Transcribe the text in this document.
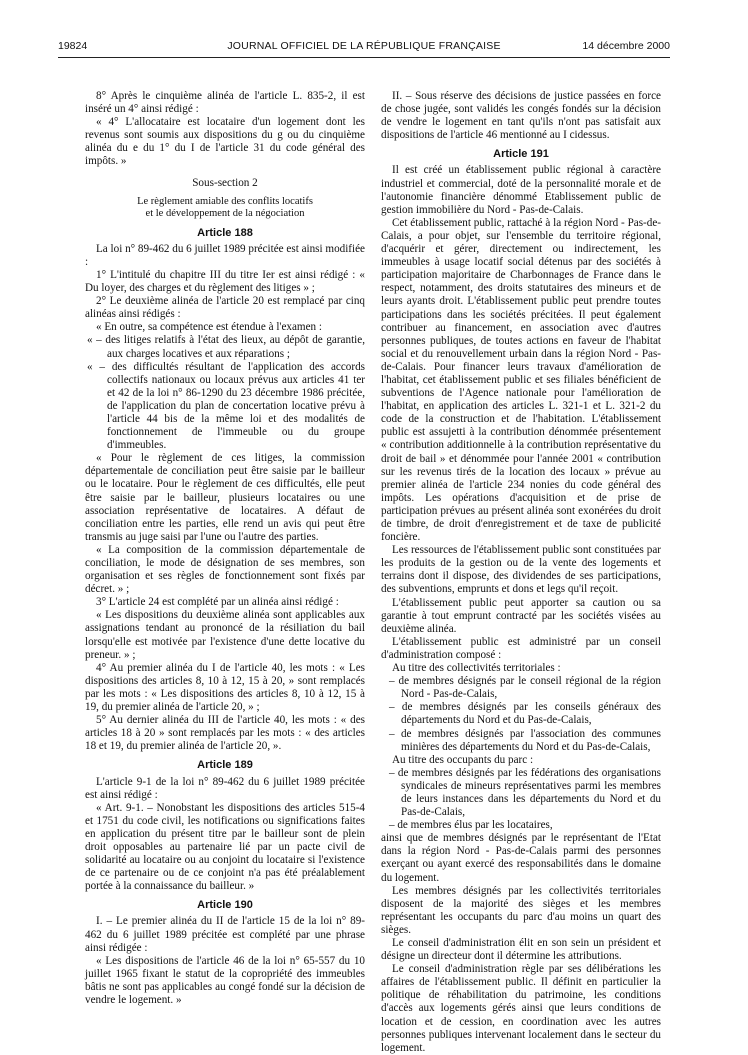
19824	JOURNAL OFFICIEL DE LA RÉPUBLIQUE FRANÇAISE	14 décembre 2000

8° Après le cinquième alinéa de l'article L. 835-2, il est inséré un 4° ainsi rédigé :

« 4° L'allocataire est locataire d'un logement dont les revenus sont soumis aux dispositions du g ou du cinquième alinéa du e du 1° du I de l'article 31 du code général des impôts. »

Sous-section 2
Le règlement amiable des conflits locatifs
et le développement de la négociation
Article 188

La loi n° 89-462 du 6 juillet 1989 précitée est ainsi modifiée :

1° L'intitulé du chapitre III du titre Ier est ainsi rédigé : « Du loyer, des charges et du règlement des litiges » ;

2° Le deuxième alinéa de l'article 20 est remplacé par cinq alinéas ainsi rédigés :

« En outre, sa compétence est étendue à l'examen :

« – des litiges relatifs à l'état des lieux, au dépôt de garantie, aux charges locatives et aux réparations ;

« – des difficultés résultant de l'application des accords collectifs nationaux ou locaux prévus aux articles 41 ter et 42 de la loi n° 86-1290 du 23 décembre 1986 précitée, de l'application du plan de concertation locative prévu à l'article 44 bis de la même loi et des modalités de fonctionnement de l'immeuble ou du groupe d'immeubles.

« Pour le règlement de ces litiges, la commission départementale de conciliation peut être saisie par le bailleur ou le locataire. Pour le règlement de ces difficultés, elle peut être saisie par le bailleur, plusieurs locataires ou une association représentative de locataires. A défaut de conciliation entre les parties, elle rend un avis qui peut être transmis au juge saisi par l'une ou l'autre des parties.

« La composition de la commission départementale de conciliation, le mode de désignation de ses membres, son organisation et ses règles de fonctionnement sont fixés par décret. » ;

3° L'article 24 est complété par un alinéa ainsi rédigé :

« Les dispositions du deuxième alinéa sont applicables aux assignations tendant au prononcé de la résiliation du bail lorsqu'elle est motivée par l'existence d'une dette locative du preneur. » ;

4° Au premier alinéa du I de l'article 40, les mots : « Les dispositions des articles 8, 10 à 12, 15 à 20, » sont remplacés par les mots : « Les dispositions des articles 8, 10 à 12, 15 à 19, du premier alinéa de l'article 20, » ;

5° Au dernier alinéa du III de l'article 40, les mots : « des articles 18 à 20 » sont remplacés par les mots : « des articles 18 et 19, du premier alinéa de l'article 20, ».

Article 189

L'article 9-1 de la loi n° 89-462 du 6 juillet 1989 précitée est ainsi rédigé :

« Art. 9-1. – Nonobstant les dispositions des articles 515-4 et 1751 du code civil, les notifications ou significations faites en application du présent titre par le bailleur sont de plein droit opposables au partenaire lié par un pacte civil de solidarité au locataire ou au conjoint du locataire si l'existence de ce partenaire ou de ce conjoint n'a pas été préalablement portée à la connaissance du bailleur. »

Article 190

I. – Le premier alinéa du II de l'article 15 de la loi n° 89-462 du 6 juillet 1989 précitée est complété par une phrase ainsi rédigée :

« Les dispositions de l'article 46 de la loi n° 65-557 du 10 juillet 1965 fixant le statut de la copropriété des immeubles bâtis ne sont pas applicables au congé fondé sur la décision de vendre le logement. »

II. – Sous réserve des décisions de justice passées en force de chose jugée, sont validés les congés fondés sur la décision de vendre le logement en tant qu'ils n'ont pas satisfait aux dispositions de l'article 46 mentionné au I cidessus.

Article 191

Il est créé un établissement public régional à caractère industriel et commercial, doté de la personnalité morale et de l'autonomie financière dénommé Etablissement public de gestion immobilière du Nord - Pas-de-Calais.

Cet établissement public, rattaché à la région Nord - Pas-de-Calais, a pour objet, sur l'ensemble du territoire régional, d'acquérir et gérer, directement ou indirectement, les immeubles à usage locatif social détenus par des sociétés à participation majoritaire de Charbonnages de France dans le respect, notamment, des droits statutaires des mineurs et de leurs ayants droit. L'établissement public peut prendre toutes participations dans les sociétés précitées. Il peut également contribuer au financement, en association avec d'autres personnes publiques, de toutes actions en faveur de l'habitat social et du renouvellement urbain dans la région Nord - Pas-de-Calais. Pour financer leurs travaux d'amélioration de l'habitat, cet établissement public et ses filiales bénéficient de subventions de l'Agence nationale pour l'amélioration de l'habitat, en application des articles L. 321-1 et L. 321-2 du code de la construction et de l'habitation. L'établissement public est assujetti à la contribution dénommée présentement « contribution additionnelle à la contribution représentative du droit de bail » et dénommée pour l'année 2001 « contribution sur les revenus tirés de la location des locaux » prévue au premier alinéa de l'article 234 nonies du code général des impôts. Les opérations d'acquisition et de prise de participation prévues au présent alinéa sont exonérées du droit de timbre, de droit d'enregistrement et de taxe de publicité foncière.

Les ressources de l'établissement public sont constituées par les produits de la gestion ou de la vente des logements et terrains dont il dispose, des dividendes de ses participations, des subventions, emprunts et dons et legs qu'il reçoit.

L'établissement public peut apporter sa caution ou sa garantie à tout emprunt contracté par les sociétés visées au deuxième alinéa.

L'établissement public est administré par un conseil d'administration composé :

Au titre des collectivités territoriales :

– de membres désignés par le conseil régional de la région Nord - Pas-de-Calais,

– de membres désignés par les conseils généraux des départements du Nord et du Pas-de-Calais,

– de membres désignés par l'association des communes minières des départements du Nord et du Pas-de-Calais,

Au titre des occupants du parc :

– de membres désignés par les fédérations des organisations syndicales de mineurs représentatives parmi les membres de leurs instances dans les départements du Nord et du Pas-de-Calais,

– de membres élus par les locataires,

ainsi que de membres désignés par le représentant de l'Etat dans la région Nord - Pas-de-Calais parmi des personnes exerçant ou ayant exercé des responsabilités dans le domaine du logement.

Les membres désignés par les collectivités territoriales disposent de la majorité des sièges et les membres représentant les occupants du parc d'au moins un quart des sièges.

Le conseil d'administration élit en son sein un président et désigne un directeur dont il détermine les attributions.

Le conseil d'administration règle par ses délibérations les affaires de l'établissement public. Il définit en particulier la politique de réhabilitation du patrimoine, les conditions d'accès aux logements gérés ainsi que leurs conditions de location et de cession, en coordination avec les autres personnes publiques intervenant localement dans le secteur du logement.
